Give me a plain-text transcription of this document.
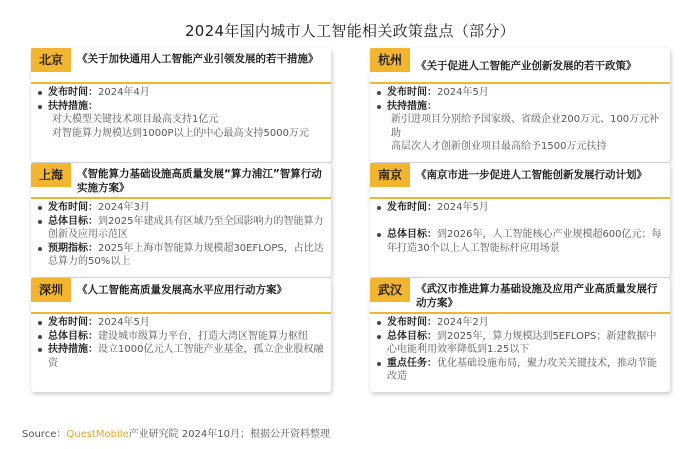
2024年国内城市人工智能相关政策盘点（部分）
北京	《关于加快通用人工智能产业引领发展的若干措施》
发布时间：2024年4月
扶持措施：
对大模型关键技术项目最高支持1亿元
对智能算力规模达到1000P以上的中心最高支持5000万元
杭州	《关于促进人工智能产业创新发展的若干政策》
发布时间：2024年5月
扶持措施：
新引进项目分别给予国家级、省级企业200万元、100万元补助
高层次人才创新创业项目最高给予1500万元扶持
上海	《智能算力基础设施高质量发展“算力浦江”智算行动实施方案》
发布时间：2024年3月
总体目标：到2025年建成具有区域乃至全国影响力的智能算力创新及应用示范区
预期指标：2025年上海市智能算力规模超30EFLOPS，占比达总算力的50%以上
南京	《南京市进一步促进人工智能创新发展行动计划》
发布时间：2024年5月
总体目标：到2026年，人工智能核心产业规模超600亿元；每年打造30个以上人工智能标杆应用场景
深圳	《人工智能高质量发展高水平应用行动方案》
发布时间：2024年5月
总体目标：建设城市级算力平台，打造大湾区智能算力枢纽
扶持措施：设立1000亿元人工智能产业基金，孤立企业股权融资
武汉	《武汉市推进算力基础设施及应用产业高质量发展行动方案》
发布时间：2024年2月
总体目标：到2025年，算力规模达到5EFLOPS；新建数据中心电能利用效率降低到1.25以下
重点任务：优化基础设施布局，聚力攻关关键技术，推动节能改造
Source：QuestMobile产业研究院 2024年10月；根据公开资料整理
